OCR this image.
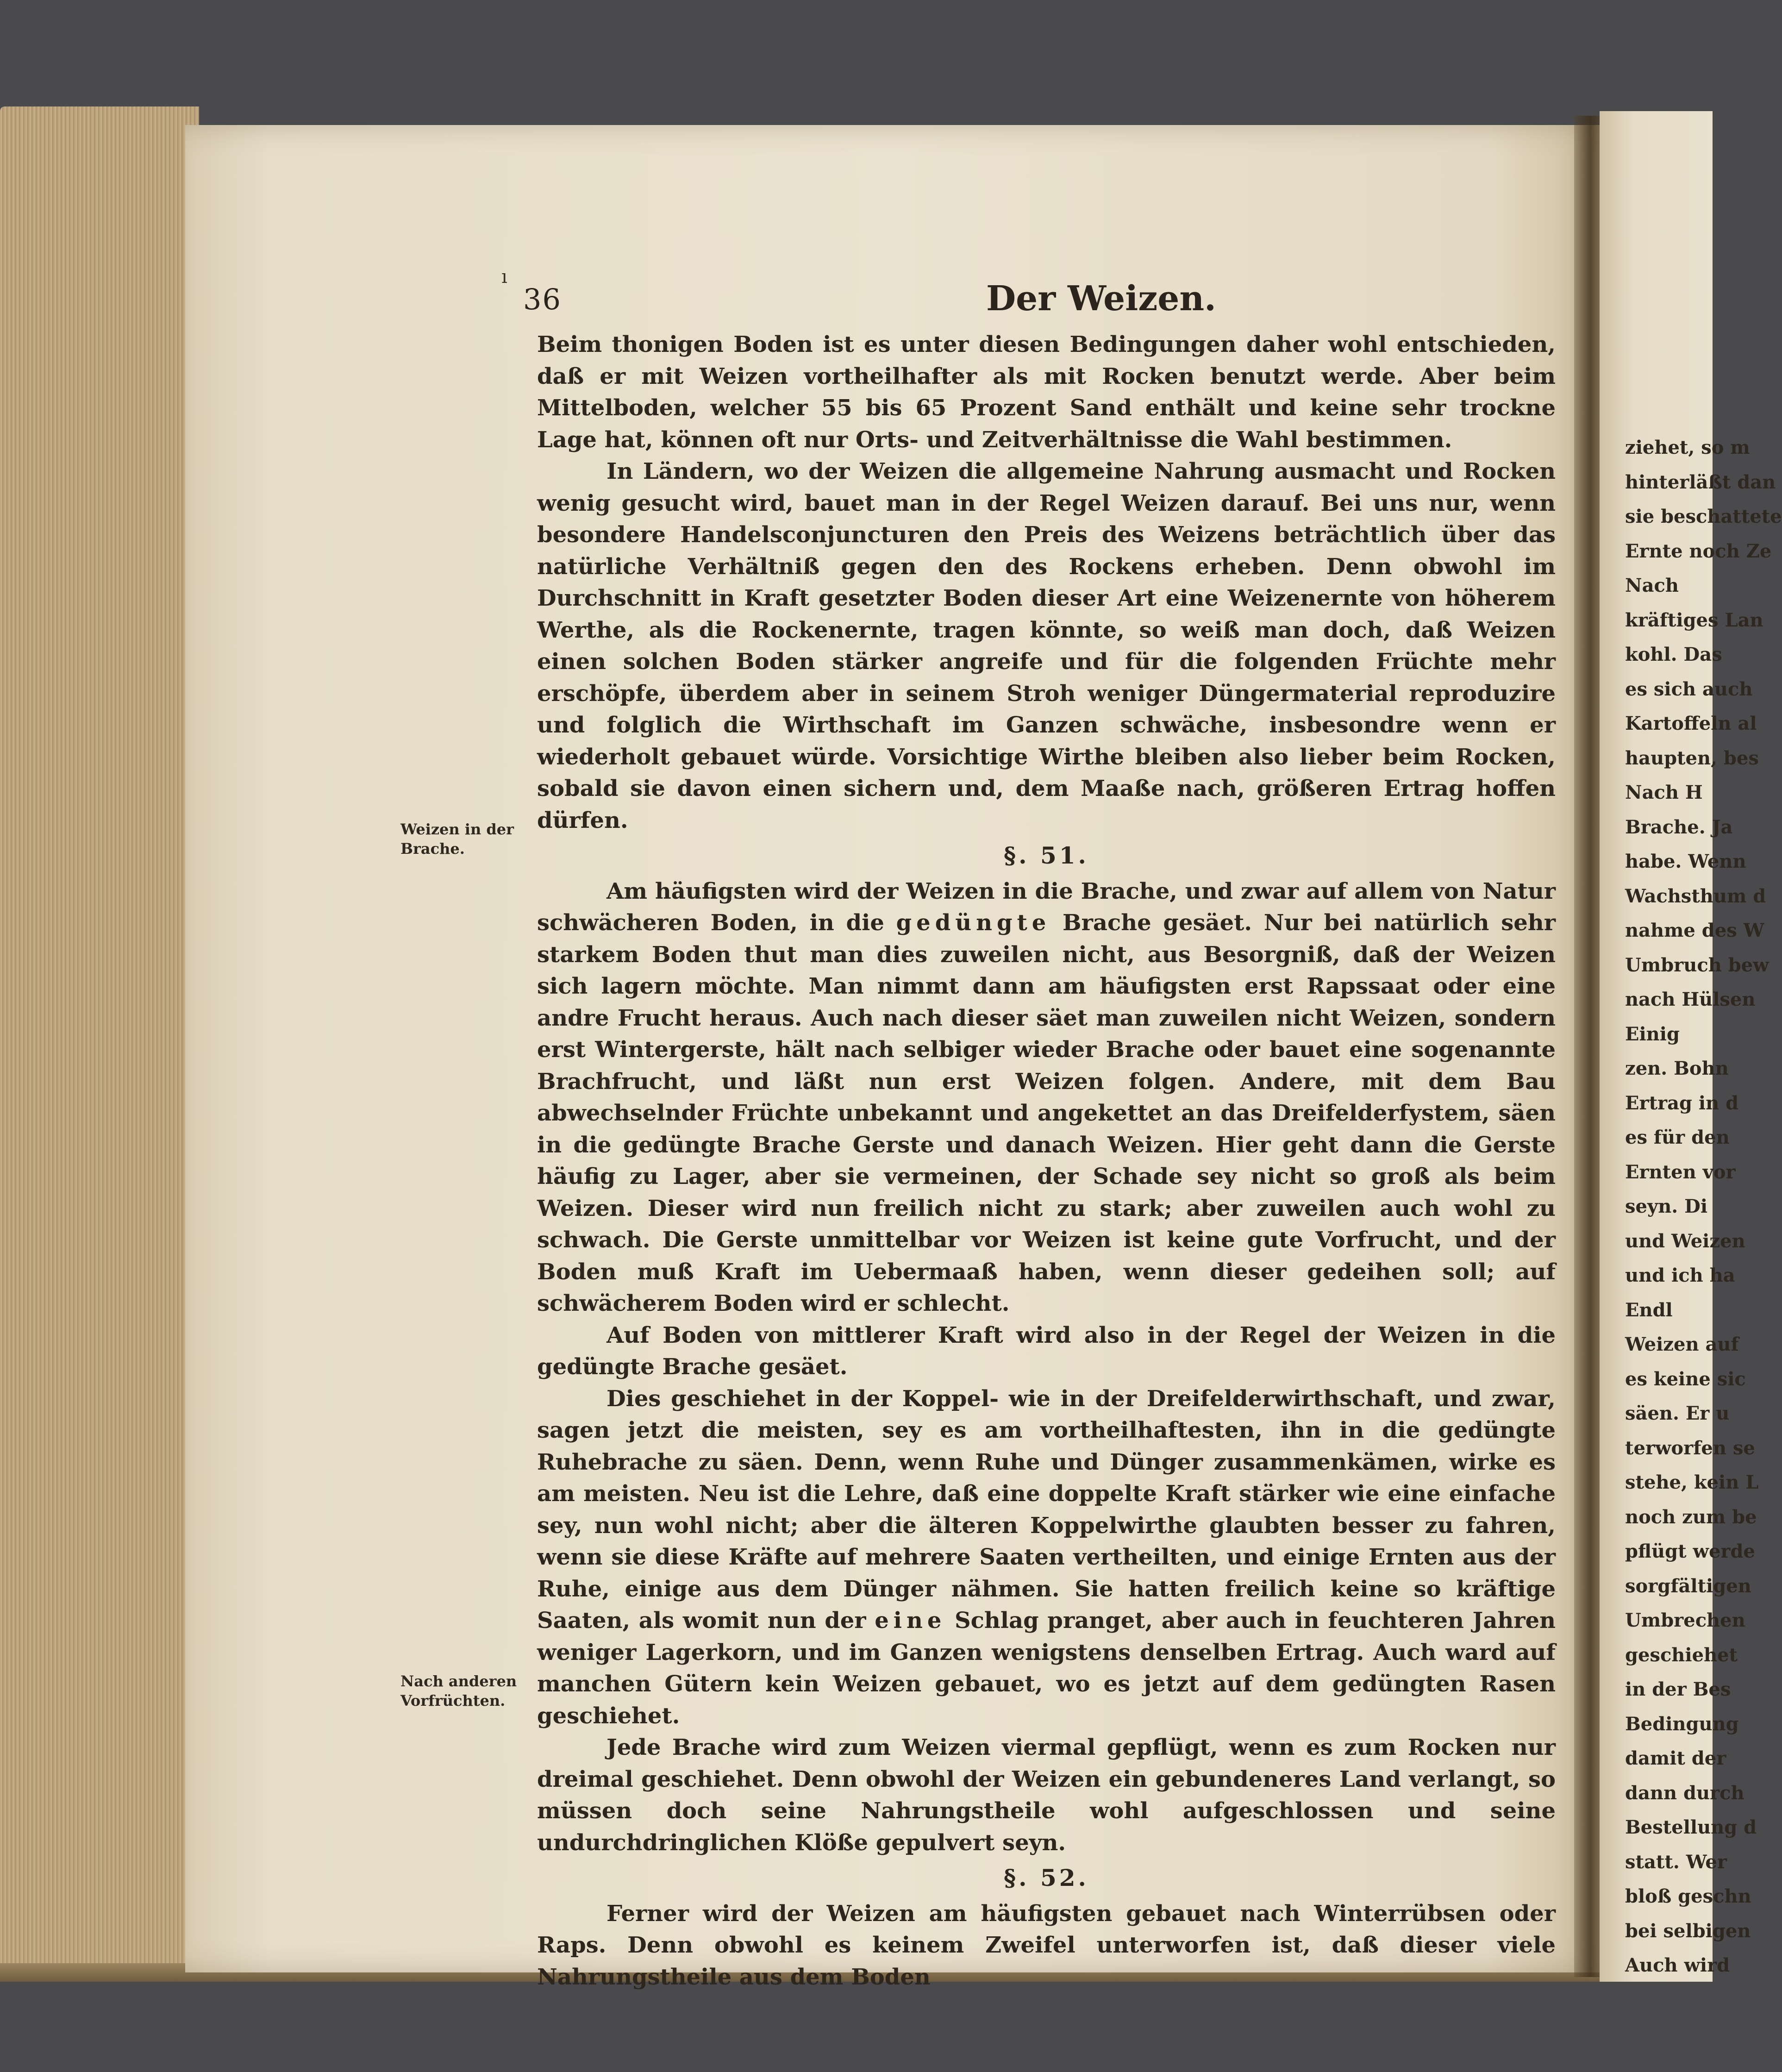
ziehet, so m
hinterläßt dan
sie beschattete
Ernte noch Ze
Nach
kräftiges Lan
kohl. Das
es sich auch
Kartoffeln al
haupten, bes
Nach H
Brache. Ja
habe. Wenn
Wachsthum d
nahme des W
Umbruch bew
nach Hülsen
Einig
zen. Bohn
Ertrag in d
es für den
Ernten vor
seyn. Di
und Weizen
und ich ha
Endl
Weizen auf
es keine sic
säen. Er u
terworfen se
stehe, kein L
noch zum be
pflügt werde
sorgfältigen
Umbrechen
geschiehet
in der Bes
Bedingung
damit der
dann durch
Bestellung d
statt. Wer
bloß geschn
bei selbigen
Auch wird
ı
36	Der Weizen.
Weizen in der Brache.
Nach anderen Vorfrüchten.

Beim thonigen Boden ist es unter diesen Bedingungen daher wohl entschieden, daß er mit Weizen vortheilhafter als mit Rocken benutzt werde. Aber beim Mittelboden, welcher 55 bis 65 Prozent Sand enthält und keine sehr trockne Lage hat, können oft nur Orts- und Zeitverhältnisse die Wahl bestimmen.

In Ländern, wo der Weizen die allgemeine Nahrung ausmacht und Rocken wenig gesucht wird, bauet man in der Regel Weizen darauf. Bei uns nur, wenn besondere Handelsconjuncturen den Preis des Weizens beträchtlich über das natürliche Verhältniß gegen den des Rockens erheben. Denn obwohl im Durchschnitt in Kraft gesetzter Boden dieser Art eine Weizenernte von höherem Werthe, als die Rockenernte, tragen könnte, so weiß man doch, daß Weizen einen solchen Boden stärker angreife und für die folgenden Früchte mehr erschöpfe, überdem aber in seinem Stroh weniger Düngermaterial reproduzire und folglich die Wirthschaft im Ganzen schwäche, insbesondre wenn er wiederholt gebauet würde. Vorsichtige Wirthe bleiben also lieber beim Rocken, sobald sie davon einen sichern und, dem Maaße nach, größeren Ertrag hoffen dürfen.

§. 51.

Am häufigsten wird der Weizen in die Brache, und zwar auf allem von Natur schwächeren Boden, in die gedüngte Brache gesäet. Nur bei natürlich sehr starkem Boden thut man dies zuweilen nicht, aus Besorgniß, daß der Weizen sich lagern möchte. Man nimmt dann am häufigsten erst Rapssaat oder eine andre Frucht heraus. Auch nach dieser säet man zuweilen nicht Weizen, sondern erst Wintergerste, hält nach selbiger wieder Brache oder bauet eine sogenannte Brachfrucht, und läßt nun erst Weizen folgen. Andere, mit dem Bau abwechselnder Früchte unbekannt und angekettet an das Dreifelderfystem, säen in die gedüngte Brache Gerste und danach Weizen. Hier geht dann die Gerste häufig zu Lager, aber sie vermeinen, der Schade sey nicht so groß als beim Weizen. Dieser wird nun freilich nicht zu stark; aber zuweilen auch wohl zu schwach. Die Gerste unmittelbar vor Weizen ist keine gute Vorfrucht, und der Boden muß Kraft im Uebermaaß haben, wenn dieser gedeihen soll; auf schwächerem Boden wird er schlecht.

Auf Boden von mittlerer Kraft wird also in der Regel der Weizen in die gedüngte Brache gesäet.

Dies geschiehet in der Koppel- wie in der Dreifelderwirthschaft, und zwar, sagen jetzt die meisten, sey es am vortheilhaftesten, ihn in die gedüngte Ruhebrache zu säen. Denn, wenn Ruhe und Dünger zusammenkämen, wirke es am meisten. Neu ist die Lehre, daß eine doppelte Kraft stärker wie eine einfache sey, nun wohl nicht; aber die älteren Koppelwirthe glaubten besser zu fahren, wenn sie diese Kräfte auf mehrere Saaten vertheilten, und einige Ernten aus der Ruhe, einige aus dem Dünger nähmen. Sie hatten freilich keine so kräftige Saaten, als womit nun der eine Schlag pranget, aber auch in feuchteren Jahren weniger Lagerkorn, und im Ganzen wenigstens denselben Ertrag. Auch ward auf manchen Gütern kein Weizen gebauet, wo es jetzt auf dem gedüngten Rasen geschiehet.

Jede Brache wird zum Weizen viermal gepflügt, wenn es zum Rocken nur dreimal geschiehet. Denn obwohl der Weizen ein gebundeneres Land verlangt, so müssen doch seine Nahrungstheile wohl aufgeschlossen und seine undurchdringlichen Klöße gepulvert seyn.

§. 52.

Ferner wird der Weizen am häufigsten gebauet nach Winterrübsen oder Raps. Denn obwohl es keinem Zweifel unterworfen ist, daß dieser viele Nahrungstheile aus dem Boden
